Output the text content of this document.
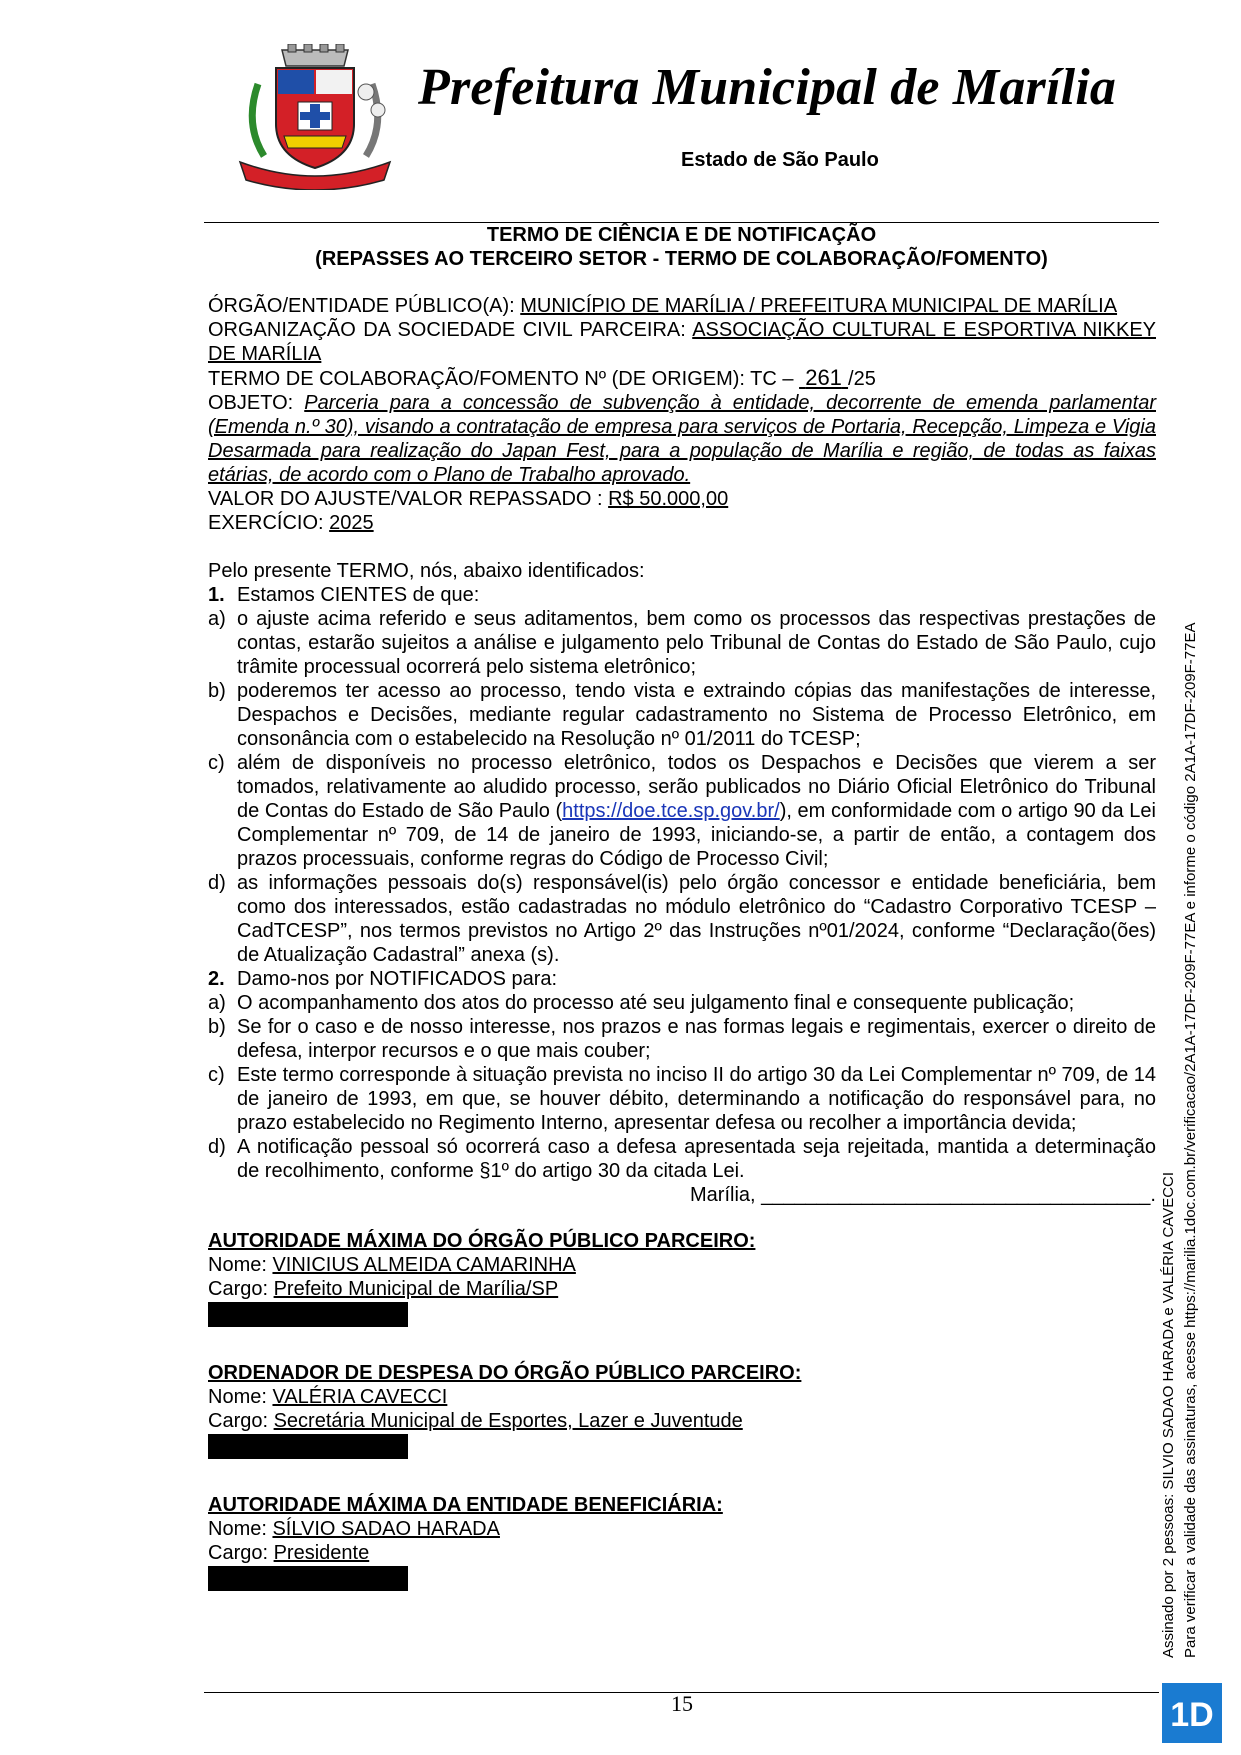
Prefeitura Municipal de Marília
Estado de São Paulo
TERMO DE CIÊNCIA E DE NOTIFICAÇÃO
(REPASSES AO TERCEIRO SETOR - TERMO DE COLABORAÇÃO/FOMENTO)

ÓRGÃO/ENTIDADE PÚBLICO(A): MUNICÍPIO DE MARÍLIA / PREFEITURA MUNICIPAL DE MARÍLIA

ORGANIZAÇÃO DA SOCIEDADE CIVIL PARCEIRA: ASSOCIAÇÃO CULTURAL E ESPORTIVA NIKKEY DE MARÍLIA

TERMO DE COLABORAÇÃO/FOMENTO Nº (DE ORIGEM): TC –  261 /25

OBJETO: Parceria para a concessão de subvenção à entidade, decorrente de emenda parlamentar (Emenda n.º 30), visando a contratação de empresa para serviços de Portaria, Recepção, Limpeza e Vigia Desarmada para realização do Japan Fest, para a população de Marília e região, de todas as faixas etárias, de acordo com o Plano de Trabalho aprovado.

VALOR DO AJUSTE/VALOR REPASSADO : R$ 50.000,00

EXERCÍCIO: 2025

Pelo presente TERMO, nós, abaixo identificados:

1. Estamos CIENTES de que:
a) o ajuste acima referido e seus aditamentos, bem como os processos das respectivas prestações de contas, estarão sujeitos a análise e julgamento pelo Tribunal de Contas do Estado de São Paulo, cujo trâmite processual ocorrerá pelo sistema eletrônico;
b) poderemos ter acesso ao processo, tendo vista e extraindo cópias das manifestações de interesse, Despachos e Decisões, mediante regular cadastramento no Sistema de Processo Eletrônico, em consonância com o estabelecido na Resolução nº 01/2011 do TCESP;
c) além de disponíveis no processo eletrônico, todos os Despachos e Decisões que vierem a ser tomados, relativamente ao aludido processo, serão publicados no Diário Oficial Eletrônico do Tribunal de Contas do Estado de São Paulo (https://doe.tce.sp.gov.br/), em conformidade com o artigo 90 da Lei Complementar nº 709, de 14 de janeiro de 1993, iniciando-se, a partir de então, a contagem dos prazos processuais, conforme regras do Código de Processo Civil;
d) as informações pessoais do(s) responsável(is) pelo órgão concessor e entidade beneficiária, bem como dos interessados, estão cadastradas no módulo eletrônico do “Cadastro Corporativo TCESP – CadTCESP”, nos termos previstos no Artigo 2º das Instruções nº01/2024, conforme “Declaração(ões) de Atualização Cadastral” anexa (s).
2. Damo-nos por NOTIFICADOS para:
a) O acompanhamento dos atos do processo até seu julgamento final e consequente publicação;
b) Se for o caso e de nosso interesse, nos prazos e nas formas legais e regimentais, exercer o direito de defesa, interpor recursos e o que mais couber;
c) Este termo corresponde à situação prevista no inciso II do artigo 30 da Lei Complementar nº 709, de 14 de janeiro de 1993, em que, se houver débito, determinando a notificação do responsável para, no prazo estabelecido no Regimento Interno, apresentar defesa ou recolher a importância devida;
d) A notificação pessoal só ocorrerá caso a defesa apresentada seja rejeitada, mantida a determinação de recolhimento, conforme §1º do artigo 30 da citada Lei.

Marília, ___________________________________.

AUTORIDADE MÁXIMA DO ÓRGÃO PÚBLICO PARCEIRO:
Nome: VINICIUS ALMEIDA CAMARINHA
Cargo: Prefeito Municipal de Marília/SP
ORDENADOR DE DESPESA DO ÓRGÃO PÚBLICO PARCEIRO:
Nome: VALÉRIA CAVECCI
Cargo: Secretária Municipal de Esportes, Lazer e Juventude
AUTORIDADE MÁXIMA DA ENTIDADE BENEFICIÁRIA:
Nome: SÍLVIO SADAO HARADA
Cargo: Presidente	Assinado por 2 pessoas: SILVIO SADAO HARADA e VALÉRIA CAVECCI Para verificar a validade das assinaturas, acesse https://marilia.1doc.com.br/verificacao/2A1A-17DF-209F-77EA e informe o código 2A1A-17DF-209F-77EA
15	1D
